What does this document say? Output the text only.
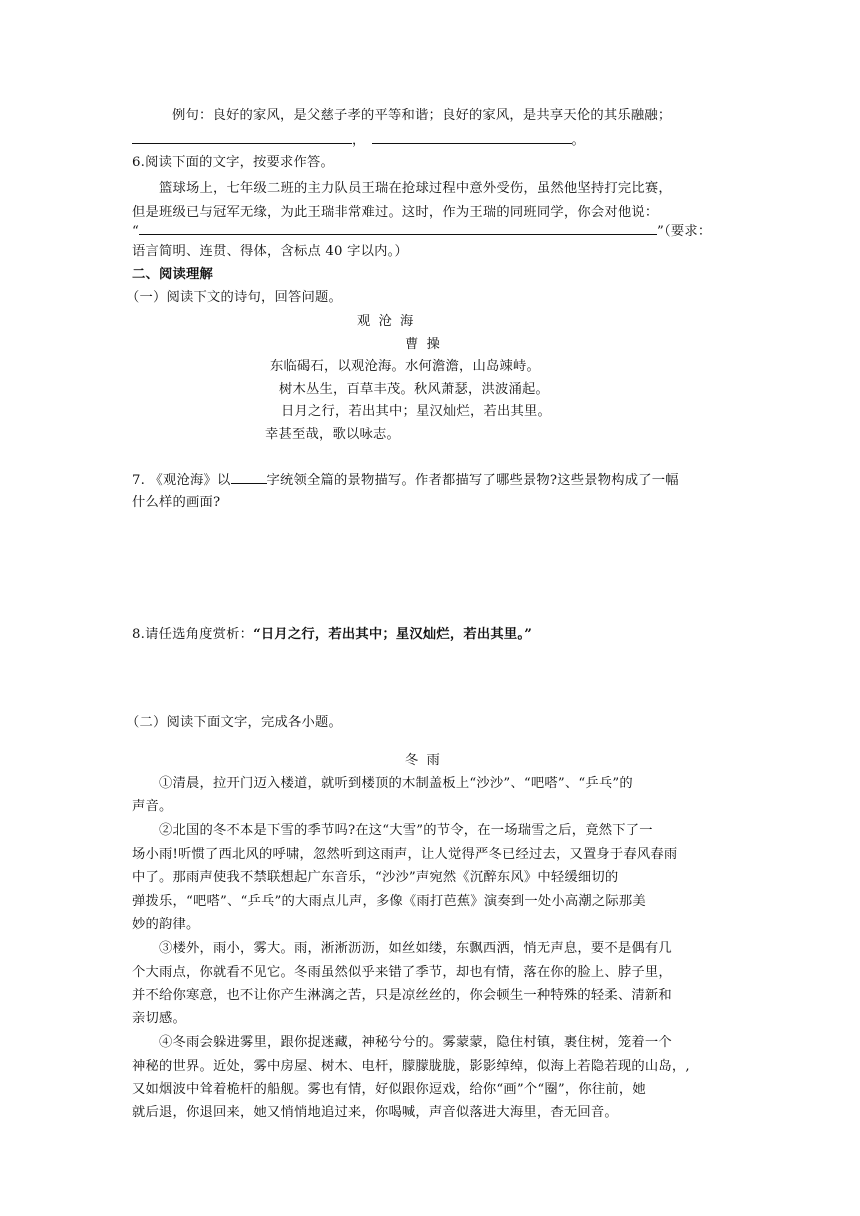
例句：良好的家风，是父慈子孝的平等和谐；良好的家风，是共享天伦的其乐融融；
，	。
6.阅读下面的文字，按要求作答。
篮球场上，七年级二班的主力队员王瑞在抢球过程中意外受伤，虽然他坚持打完比赛，
但是班级已与冠军无缘，为此王瑞非常难过。这时，作为王瑞的同班同学，你会对他说：
“	”（要求：
语言简明、连贯、得体，含标点 40 字以内。）
二、阅读理解
（一）阅读下文的诗句，回答问题。
观 沧 海
曹 操
东临碣石，以观沧海。水何澹澹，山岛竦峙。
树木丛生，百草丰茂。秋风萧瑟，洪波涌起。
日月之行，若出其中；星汉灿烂，若出其里。
幸甚至哉，歌以咏志。
7. 《观沧海》以	字统领全篇的景物描写。作者都描写了哪些景物?这些景物构成了一幅
什么样的画面?
8.请任选角度赏析：“日月之行，若出其中；星汉灿烂，若出其里。”
（二）阅读下面文字，完成各小题。
冬 雨
①清晨，拉开门迈入楼道，就听到楼顶的木制盖板上“沙沙”、“吧嗒”、“乒乓”的
声音。
②北国的冬不本是下雪的季节吗?在这“大雪”的节令，在一场瑞雪之后，竟然下了一
场小雨!听惯了西北风的呼啸，忽然听到这雨声，让人觉得严冬已经过去，又置身于春风春雨
中了。那雨声使我不禁联想起广东音乐，“沙沙”声宛然《沉醉东风》中轻缓细切的
弹拨乐，“吧嗒”、“乒乓”的大雨点儿声，多像《雨打芭蕉》演奏到一处小高潮之际那美
妙的韵律。
③楼外，雨小，雾大。雨，淅淅沥沥，如丝如缕，东飘西洒，悄无声息，要不是偶有几
个大雨点，你就看不见它。冬雨虽然似乎来错了季节，却也有情，落在你的脸上、脖子里，
并不给你寒意，也不让你产生淋漓之苦，只是凉丝丝的，你会顿生一种特殊的轻柔、清新和
亲切感。
④冬雨会躲进雾里，跟你捉迷藏，神秘兮兮的。雾蒙蒙，隐住村镇，裹住树，笼着一个
神秘的世界。近处，雾中房屋、树木、电杆，朦朦胧胧，影影绰绰，似海上若隐若现的山岛，,
又如烟波中耸着桅杆的船舰。雾也有情，好似跟你逗戏，给你“画”个“圈”，你往前，她
就后退，你退回来，她又悄悄地追过来，你喝喊，声音似落进大海里，杳无回音。
